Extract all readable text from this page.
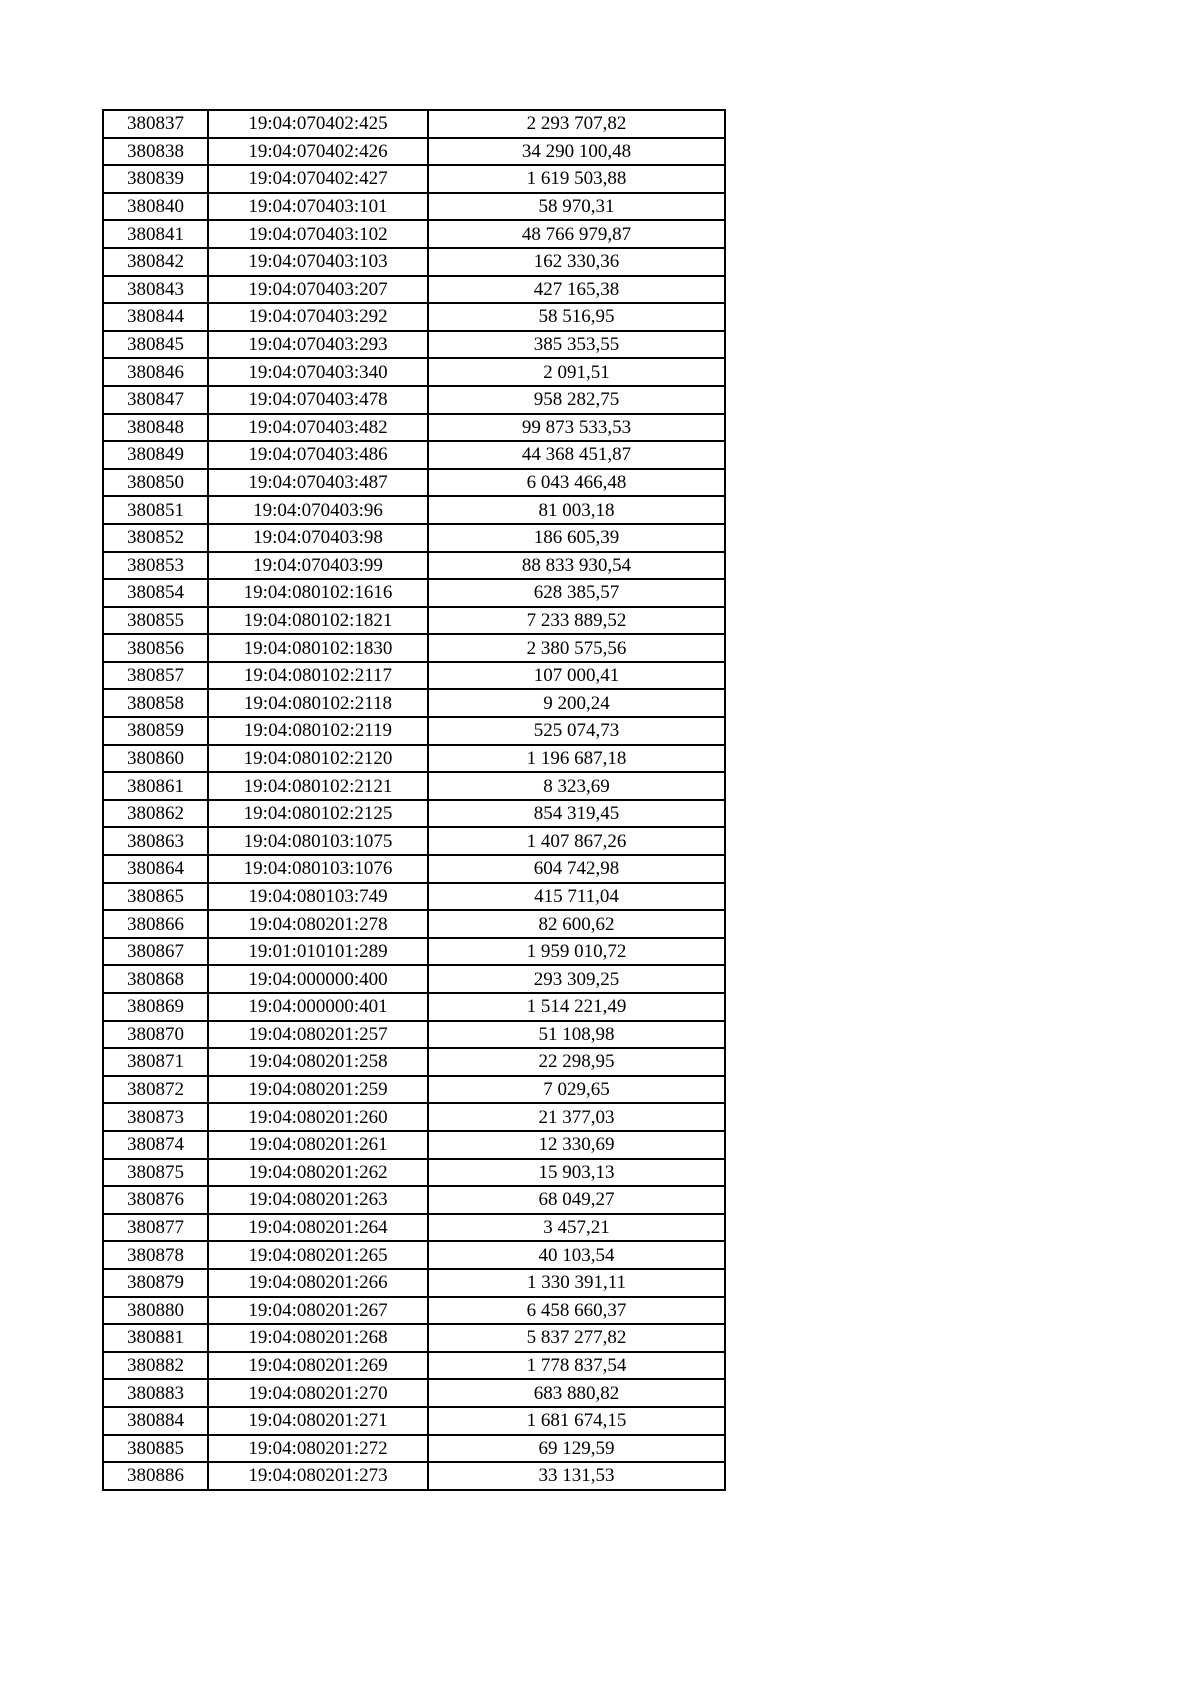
380837	19:04:070402:425	2 293 707,82
380838	19:04:070402:426	34 290 100,48
380839	19:04:070402:427	1 619 503,88
380840	19:04:070403:101	58 970,31
380841	19:04:070403:102	48 766 979,87
380842	19:04:070403:103	162 330,36
380843	19:04:070403:207	427 165,38
380844	19:04:070403:292	58 516,95
380845	19:04:070403:293	385 353,55
380846	19:04:070403:340	2 091,51
380847	19:04:070403:478	958 282,75
380848	19:04:070403:482	99 873 533,53
380849	19:04:070403:486	44 368 451,87
380850	19:04:070403:487	6 043 466,48
380851	19:04:070403:96	81 003,18
380852	19:04:070403:98	186 605,39
380853	19:04:070403:99	88 833 930,54
380854	19:04:080102:1616	628 385,57
380855	19:04:080102:1821	7 233 889,52
380856	19:04:080102:1830	2 380 575,56
380857	19:04:080102:2117	107 000,41
380858	19:04:080102:2118	9 200,24
380859	19:04:080102:2119	525 074,73
380860	19:04:080102:2120	1 196 687,18
380861	19:04:080102:2121	8 323,69
380862	19:04:080102:2125	854 319,45
380863	19:04:080103:1075	1 407 867,26
380864	19:04:080103:1076	604 742,98
380865	19:04:080103:749	415 711,04
380866	19:04:080201:278	82 600,62
380867	19:01:010101:289	1 959 010,72
380868	19:04:000000:400	293 309,25
380869	19:04:000000:401	1 514 221,49
380870	19:04:080201:257	51 108,98
380871	19:04:080201:258	22 298,95
380872	19:04:080201:259	7 029,65
380873	19:04:080201:260	21 377,03
380874	19:04:080201:261	12 330,69
380875	19:04:080201:262	15 903,13
380876	19:04:080201:263	68 049,27
380877	19:04:080201:264	3 457,21
380878	19:04:080201:265	40 103,54
380879	19:04:080201:266	1 330 391,11
380880	19:04:080201:267	6 458 660,37
380881	19:04:080201:268	5 837 277,82
380882	19:04:080201:269	1 778 837,54
380883	19:04:080201:270	683 880,82
380884	19:04:080201:271	1 681 674,15
380885	19:04:080201:272	69 129,59
380886	19:04:080201:273	33 131,53
